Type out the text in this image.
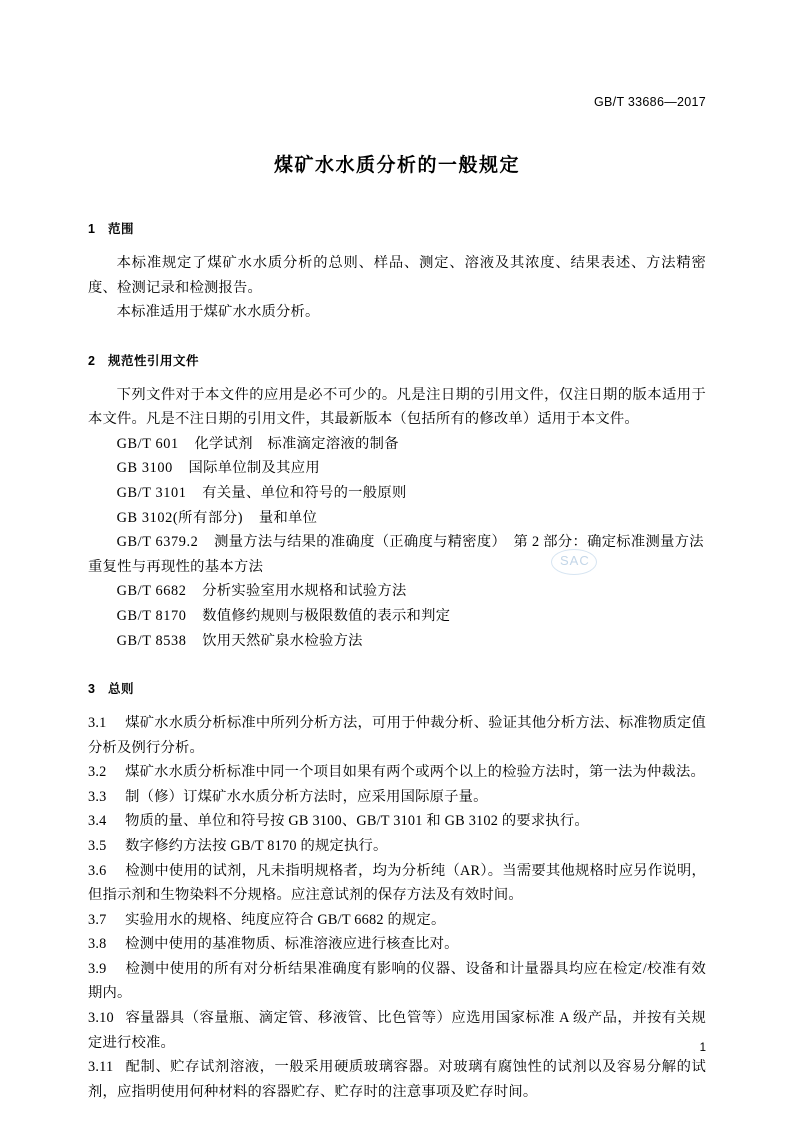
GB/T 33686—2017
煤矿水水质分析的一般规定
1 范围

本标准规定了煤矿水水质分析的总则、样品、测定、溶液及其浓度、结果表述、方法精密度、检测记录和检测报告。

本标准适用于煤矿水水质分析。

2 规范性引用文件

下列文件对于本文件的应用是必不可少的。凡是注日期的引用文件，仅注日期的版本适用于本文件。凡是不注日期的引用文件，其最新版本（包括所有的修改单）适用于本文件。

GB/T 601 化学试剂　标准滴定溶液的制备

GB 3100 国际单位制及其应用

GB/T 3101 有关量、单位和符号的一般原则

GB 3102(所有部分) 量和单位

GB/T 6379.2 测量方法与结果的准确度（正确度与精密度）　第 2 部分：确定标准测量方法重复性与再现性的基本方法

GB/T 6682 分析实验室用水规格和试验方法

GB/T 8170 数值修约规则与极限数值的表示和判定

GB/T 8538 饮用天然矿泉水检验方法

3 总则

3.1 煤矿水水质分析标准中所列分析方法，可用于仲裁分析、验证其他分析方法、标准物质定值分析及例行分析。

3.2 煤矿水水质分析标准中同一个项目如果有两个或两个以上的检验方法时，第一法为仲裁法。

3.3 制（修）订煤矿水水质分析方法时，应采用国际原子量。

3.4 物质的量、单位和符号按 GB 3100、GB/T 3101 和 GB 3102 的要求执行。

3.5 数字修约方法按 GB/T 8170 的规定执行。

3.6 检测中使用的试剂，凡未指明规格者，均为分析纯（AR）。当需要其他规格时应另作说明，但指示剂和生物染料不分规格。应注意试剂的保存方法及有效时间。

3.7 实验用水的规格、纯度应符合 GB/T 6682 的规定。

3.8 检测中使用的基准物质、标准溶液应进行核查比对。

3.9 检测中使用的所有对分析结果准确度有影响的仪器、设备和计量器具均应在检定/校准有效期内。

3.10 容量器具（容量瓶、滴定管、移液管、比色管等）应选用国家标准 A 级产品，并按有关规定进行校准。

3.11 配制、贮存试剂溶液，一般采用硬质玻璃容器。对玻璃有腐蚀性的试剂以及容易分解的试剂，应指明使用何种材料的容器贮存、贮存时的注意事项及贮存时间。

SAC
1
